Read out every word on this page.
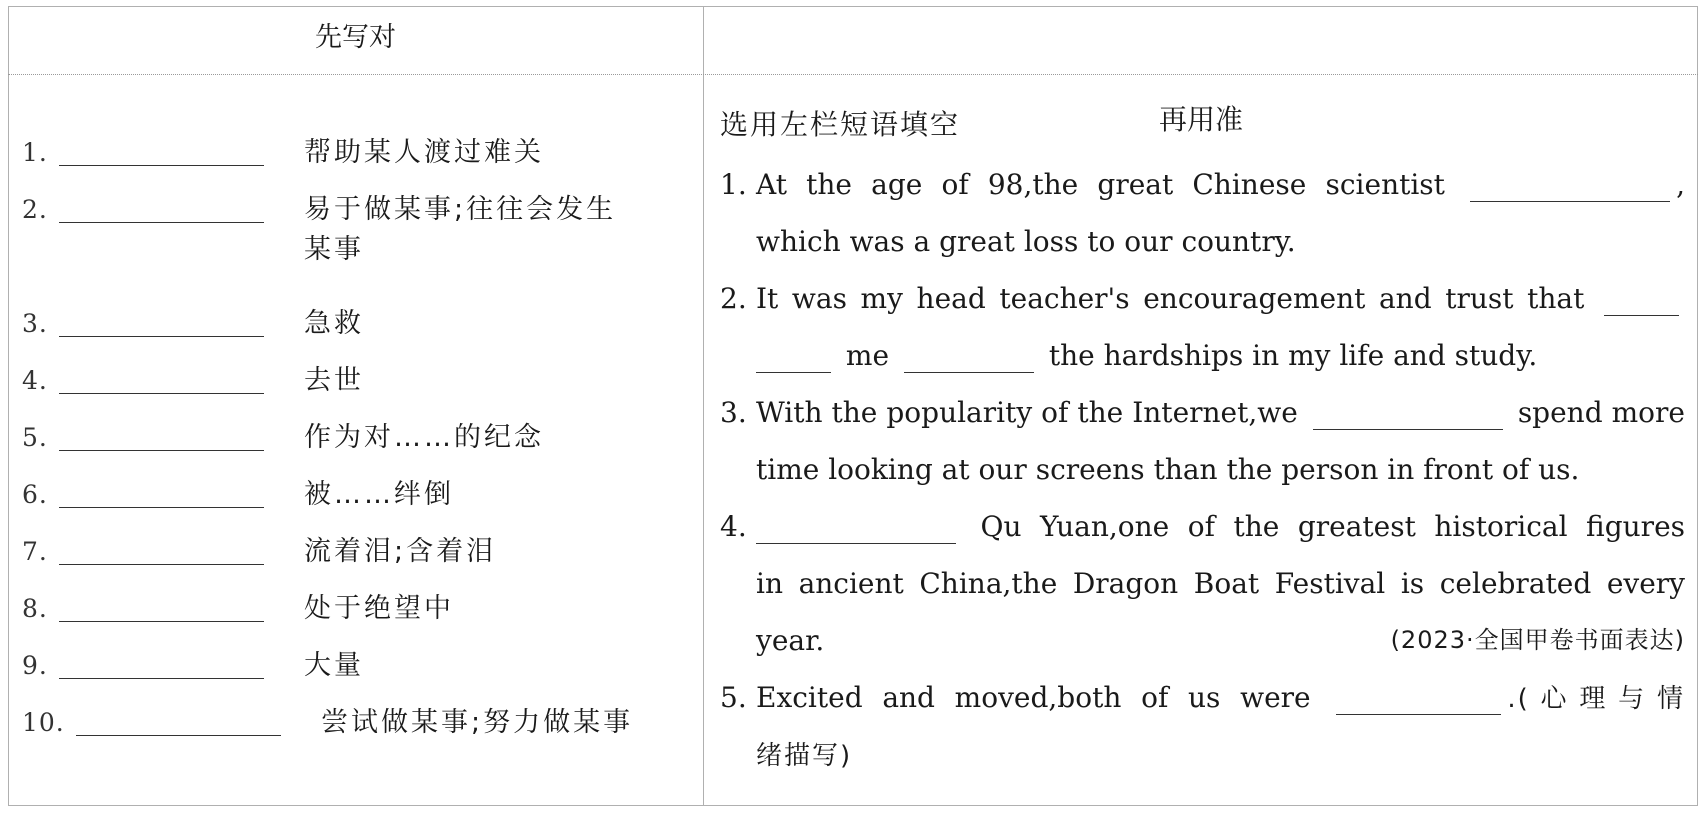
先写对
再用准
1.	帮助某人渡过难关
2.	易于做某事;往往会发生
某事
3.	急救
4.	去世
5.	作为对……的纪念
6.	被……绊倒
7.	流着泪;含着泪
8.	处于绝望中
9.	大量
10.	尝试做某事;努力做某事
选用左栏短语填空
1. At the age of 98,the great Chinese scientist	,
which was a great loss to our country.
2. It was my head teacher's encouragement and trust that
me	the hardships in my life and study.
3. With the popularity of the Internet,we	spend more
time looking at our screens than the person in front of us.
4.	Qu Yuan,one of the greatest historical figures
in ancient China,the Dragon Boat Festival is celebrated every
year.	(2023·全国甲卷书面表达)
5. Excited and moved,both of us were	.(心理与情
绪描写)
